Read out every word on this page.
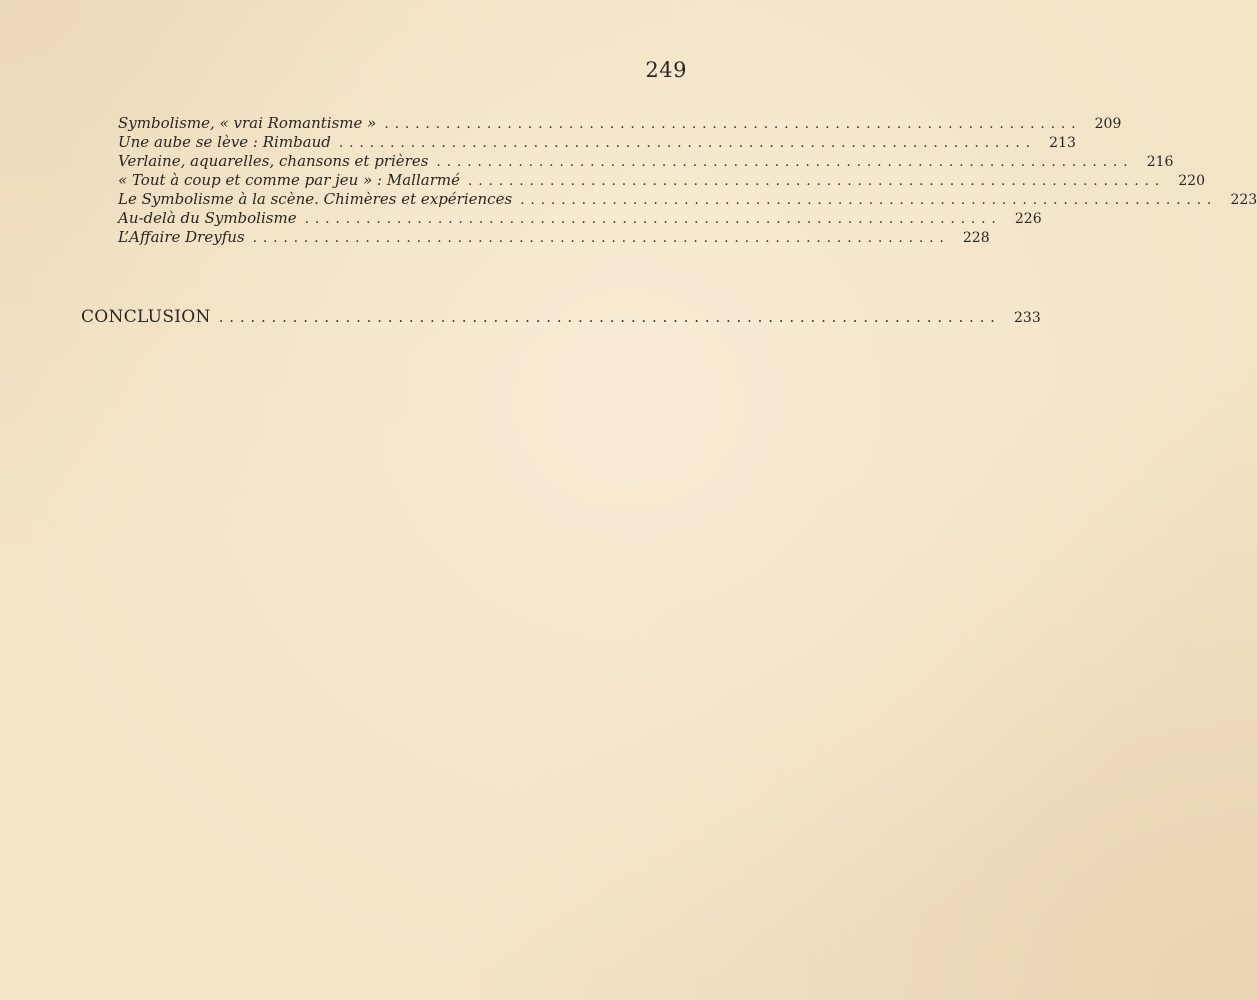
249
Symbolisme, « vrai Romantisme » .................................................................... 209
Une aube se lève : Rimbaud .................................................................... 213
Verlaine, aquarelles, chansons et prières .................................................................... 216
« Tout à coup et comme par jeu » : Mallarmé .................................................................... 220
Le Symbolisme à la scène. Chimères et expériences .................................................................... 223
Au-delà du Symbolisme .................................................................... 226
L’Affaire Dreyfus .................................................................... 228
CONCLUSION .......................................................................... 233
